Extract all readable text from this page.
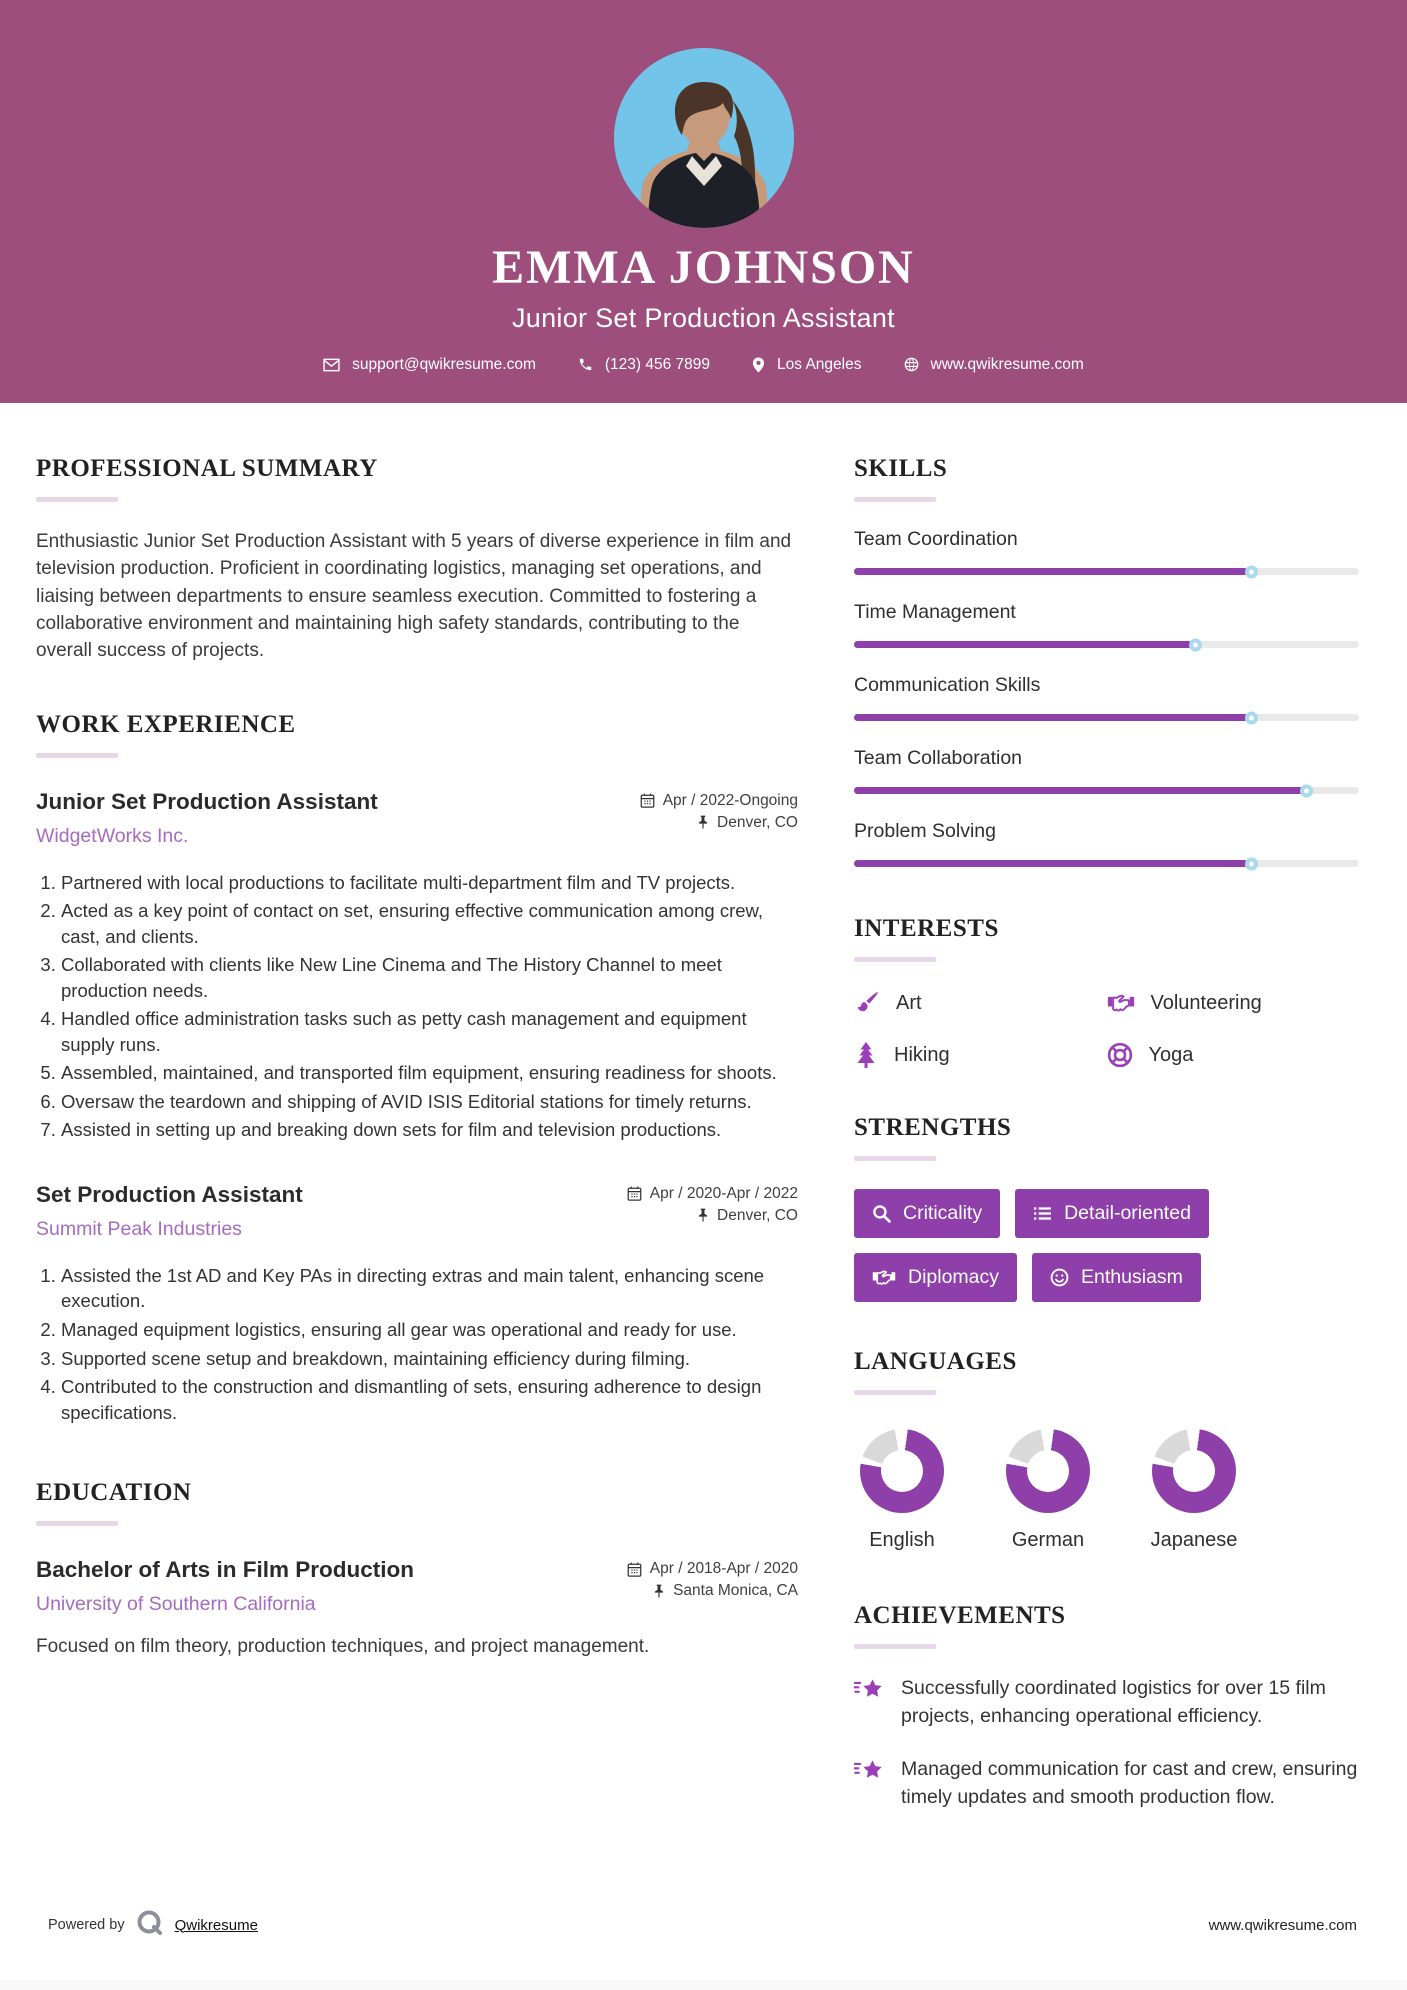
EMMA JOHNSON
Junior Set Production Assistant
support@qwikresume.com	(123) 456 7899	Los Angeles	www.qwikresume.com
PROFESSIONAL SUMMARY

Enthusiastic Junior Set Production Assistant with 5 years of diverse experience in film and television production. Proficient in coordinating logistics, managing set operations, and liaising between departments to ensure seamless execution. Committed to fostering a collaborative environment and maintaining high safety standards, contributing to the overall success of projects.

WORK EXPERIENCE
Junior Set Production Assistant
WidgetWorks Inc.
Apr / 2022-Ongoing
Denver, CO
1. Partnered with local productions to facilitate multi-department film and TV projects.
2. Acted as a key point of contact on set, ensuring effective communication among crew, cast, and clients.
3. Collaborated with clients like New Line Cinema and The History Channel to meet production needs.
4. Handled office administration tasks such as petty cash management and equipment supply runs.
5. Assembled, maintained, and transported film equipment, ensuring readiness for shoots.
6. Oversaw the teardown and shipping of AVID ISIS Editorial stations for timely returns.
7. Assisted in setting up and breaking down sets for film and television productions.
Set Production Assistant
Summit Peak Industries
Apr / 2020-Apr / 2022
Denver, CO
1. Assisted the 1st AD and Key PAs in directing extras and main talent, enhancing scene execution.
2. Managed equipment logistics, ensuring all gear was operational and ready for use.
3. Supported scene setup and breakdown, maintaining efficiency during filming.
4. Contributed to the construction and dismantling of sets, ensuring adherence to design specifications.
EDUCATION
Bachelor of Arts in Film Production
University of Southern California
Apr / 2018-Apr / 2020
Santa Monica, CA

Focused on film theory, production techniques, and project management.

SKILLS
Team Coordination
Time Management
Communication Skills
Team Collaboration
Problem Solving
INTERESTS
Art	Volunteering
Hiking	Yoga
STRENGTHS
Criticality	Detail-oriented
Diplomacy	Enthusiasm
LANGUAGES
English	German	Japanese
ACHIEVEMENTS

Successfully coordinated logistics for over 15 film projects, enhancing operational efficiency.

Managed communication for cast and crew, ensuring timely updates and smooth production flow.

Powered by	Qwikresume	www.qwikresume.com
